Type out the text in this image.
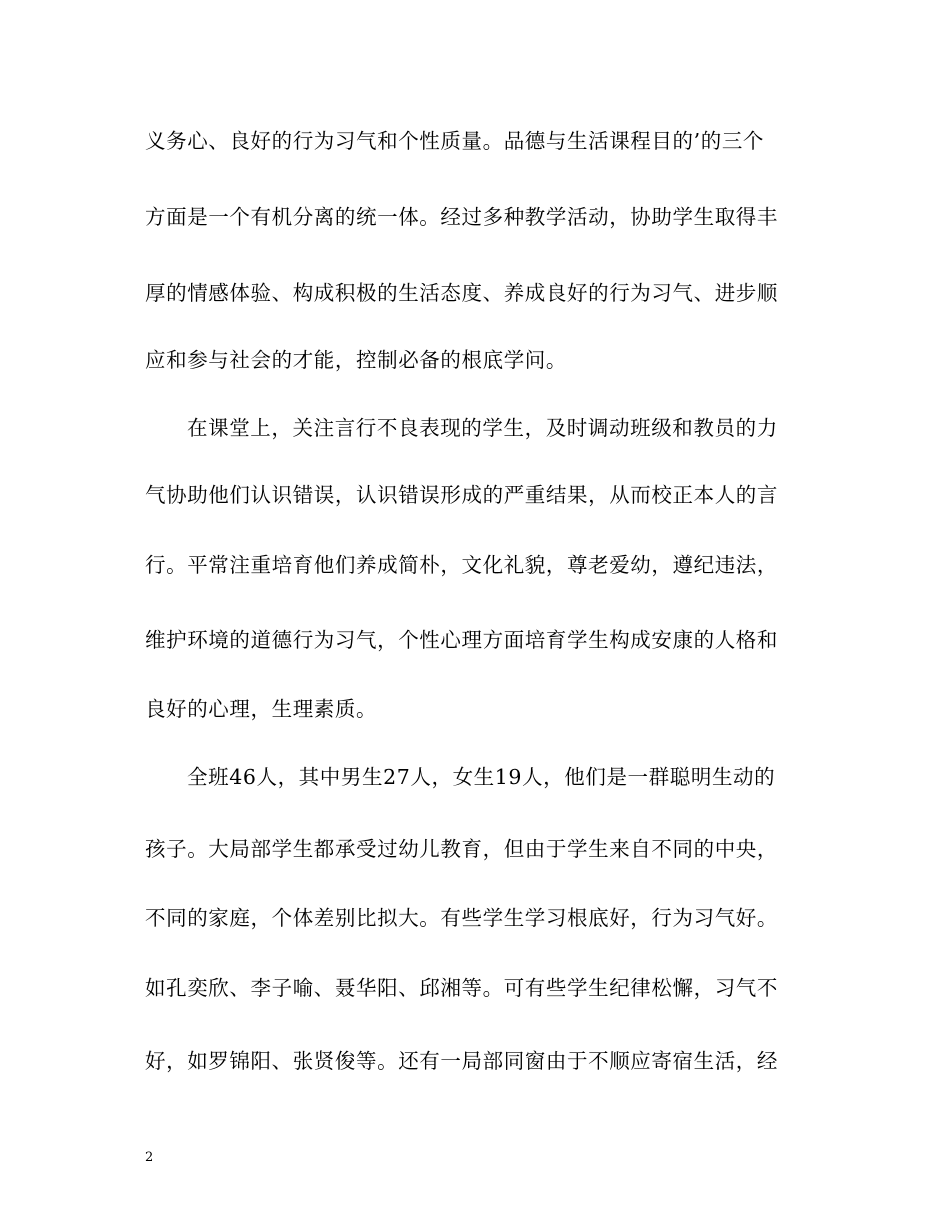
义务心、良好的行为习气和个性质量。品德与生活课程目的’的三个
方面是一个有机分离的统一体。经过多种教学活动，协助学生取得丰
厚的情感体验、构成积极的生活态度、养成良好的行为习气、进步顺
应和参与社会的才能，控制必备的根底学问。
在课堂上，关注言行不良表现的学生，及时调动班级和教员的力
气协助他们认识错误，认识错误形成的严重结果，从而校正本人的言
行。平常注重培育他们养成简朴，文化礼貌，尊老爱幼，遵纪违法，
维护环境的道德行为习气，个性心理方面培育学生构成安康的人格和
良好的心理，生理素质。
全班46人，其中男生27人，女生19人，他们是一群聪明生动的
孩子。大局部学生都承受过幼儿教育，但由于学生来自不同的中央，
不同的家庭，个体差别比拟大。有些学生学习根底好，行为习气好。
如孔奕欣、李子喻、聂华阳、邱湘等。可有些学生纪律松懈，习气不
好，如罗锦阳、张贤俊等。还有一局部同窗由于不顺应寄宿生活，经
2
